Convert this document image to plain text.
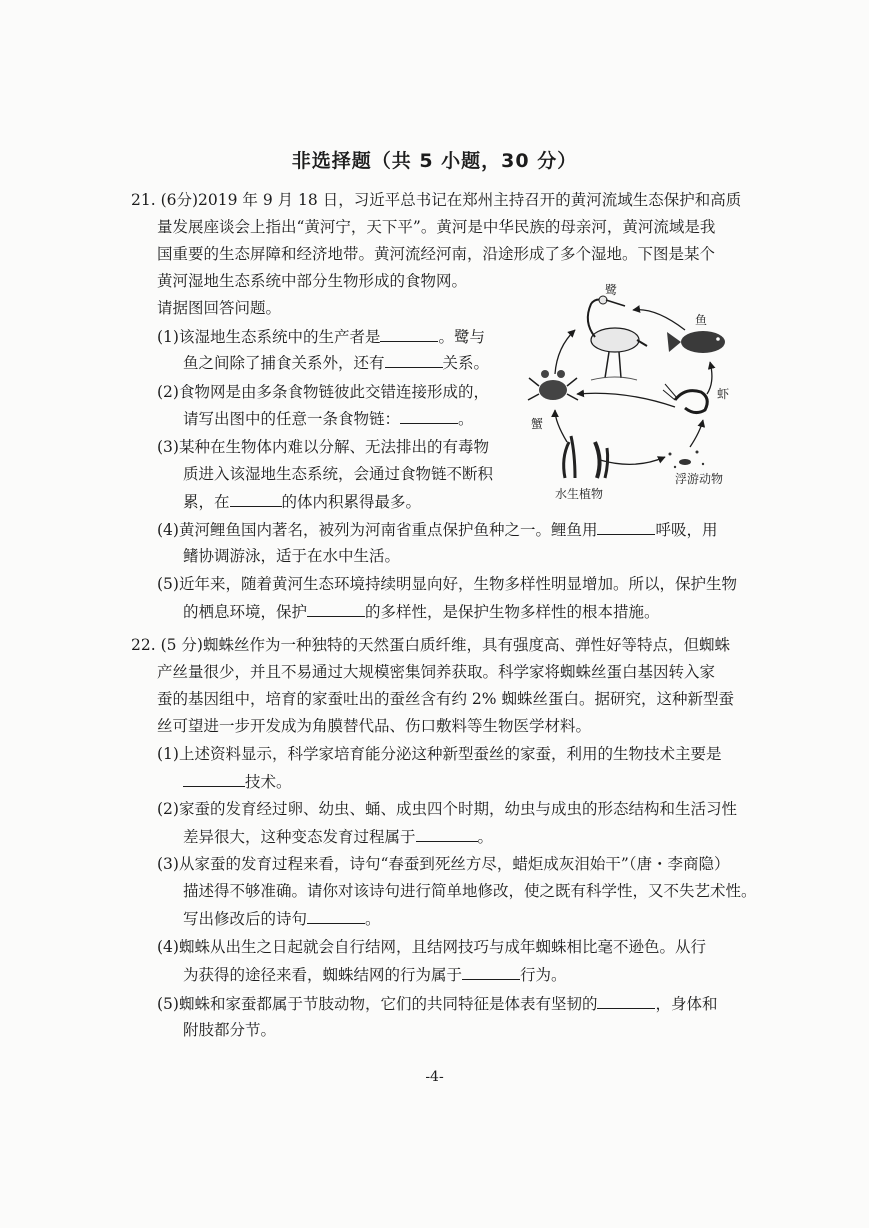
非选择题（共 5 小题，30 分）
21. (6分)2019 年 9 月 18 日，习近平总书记在郑州主持召开的黄河流域生态保护和高质
量发展座谈会上指出“黄河宁，天下平”。黄河是中华民族的母亲河，黄河流域是我
国重要的生态屏障和经济地带。黄河流经河南，沿途形成了多个湿地。下图是某个
黄河湿地生态系统中部分生物形成的食物网。
请据图回答问题。
(1)该湿地生态系统中的生产者是	。鹭与
鱼之间除了捕食关系外，还有	关系。
(2)食物网是由多条食物链彼此交错连接形成的，
请写出图中的任意一条食物链：	。
(3)某种在生物体内难以分解、无法排出的有毒物
质进入该湿地生态系统，会通过食物链不断积
累，在	的体内积累得最多。
(4)黄河鲤鱼国内著名，被列为河南省重点保护鱼种之一。鲤鱼用	呼吸，用
鳍协调游泳，适于在水中生活。
(5)近年来，随着黄河生态环境持续明显向好，生物多样性明显增加。所以，保护生物
的栖息环境，保护	的多样性，是保护生物多样性的根本措施。
鹭
鱼
虾
蟹
浮游动物
水生植物
22. (5 分)蜘蛛丝作为一种独特的天然蛋白质纤维，具有强度高、弹性好等特点，但蜘蛛
产丝量很少，并且不易通过大规模密集饲养获取。科学家将蜘蛛丝蛋白基因转入家
蚕的基因组中，培育的家蚕吐出的蚕丝含有约 2% 蜘蛛丝蛋白。据研究，这种新型蚕
丝可望进一步开发成为角膜替代品、伤口敷料等生物医学材料。
(1)上述资料显示，科学家培育能分泌这种新型蚕丝的家蚕，利用的生物技术主要是
技术。
(2)家蚕的发育经过卵、幼虫、蛹、成虫四个时期，幼虫与成虫的形态结构和生活习性
差异很大，这种变态发育过程属于	。
(3)从家蚕的发育过程来看，诗句“春蚕到死丝方尽，蜡炬成灰泪始干”（唐・李商隐）
描述得不够准确。请你对该诗句进行简单地修改，使之既有科学性，又不失艺术性。
写出修改后的诗句	。
(4)蜘蛛从出生之日起就会自行结网，且结网技巧与成年蜘蛛相比毫不逊色。从行
为获得的途径来看，蜘蛛结网的行为属于	行为。
(5)蜘蛛和家蚕都属于节肢动物，它们的共同特征是体表有坚韧的	，身体和
附肢都分节。
-4-
